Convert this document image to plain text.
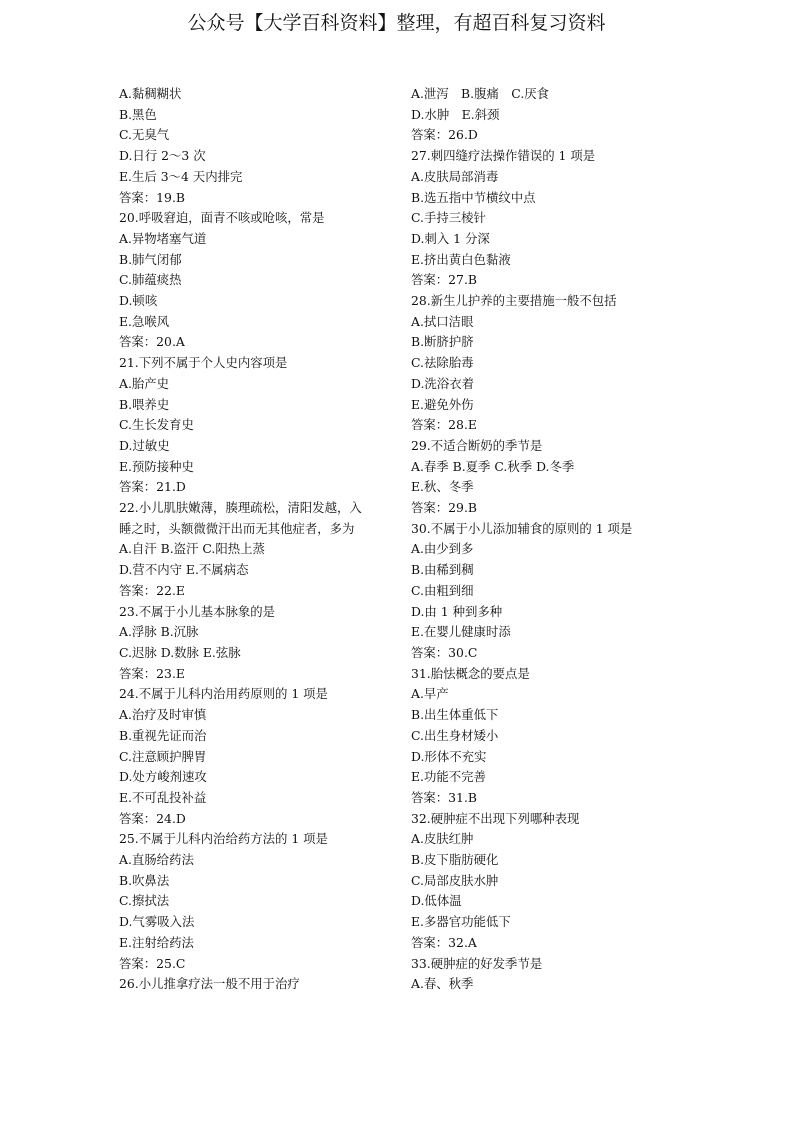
公众号【大学百科资料】整理，有超百科复习资料
A.黏稠糊状
B.黑色
C.无臭气
D.日行 2～3 次
E.生后 3～4 天内排完
答案：19.B
20.呼吸窘迫，面青不咳或呛咳，常是
A.异物堵塞气道
B.肺气闭郁
C.肺蕴痰热
D.顿咳
E.急喉风
答案：20.A
21.下列不属于个人史内容项是
A.胎产史
B.喂养史
C.生长发育史
D.过敏史
E.预防接种史
答案：21.D
22.小儿肌肤嫩薄，腠理疏松，清阳发越，入
睡之时，头额微微汗出而无其他症者，多为
A.自汗 B.盗汗 C.阳热上蒸
D.营不内守 E.不属病态
答案：22.E
23.不属于小儿基本脉象的是
A.浮脉 B.沉脉
C.迟脉 D.数脉 E.弦脉
答案：23.E
24.不属于儿科内治用药原则的 1 项是
A.治疗及时审慎
B.重视先证而治
C.注意顾护脾胃
D.处方峻剂速攻
E.不可乱投补益
答案：24.D
25.不属于儿科内治给药方法的 1 项是
A.直肠给药法
B.吹鼻法
C.擦拭法
D.气雾吸入法
E.注射给药法
答案：25.C
26.小儿推拿疗法一般不用于治疗
A.泄泻　B.腹痛　C.厌食
D.水肿　E.斜颈
答案：26.D
27.刺四缝疗法操作错误的 1 项是
A.皮肤局部消毒
B.选五指中节横纹中点
C.手持三棱针
D.刺入 1 分深
E.挤出黄白色黏液
答案：27.B
28.新生儿护养的主要措施一般不包括
A.拭口洁眼
B.断脐护脐
C.祛除胎毒
D.洗浴衣着
E.避免外伤
答案：28.E
29.不适合断奶的季节是
A.春季 B.夏季 C.秋季 D.冬季
E.秋、冬季
答案：29.B
30.不属于小儿添加辅食的原则的 1 项是
A.由少到多
B.由稀到稠
C.由粗到细
D.由 1 种到多种
E.在婴儿健康时添
答案：30.C
31.胎怯概念的要点是
A.早产
B.出生体重低下
C.出生身材矮小
D.形体不充实
E.功能不完善
答案：31.B
32.硬肿症不出现下列哪种表现
A.皮肤红肿
B.皮下脂肪硬化
C.局部皮肤水肿
D.低体温
E.多器官功能低下
答案：32.A
33.硬肿症的好发季节是
A.春、秋季
